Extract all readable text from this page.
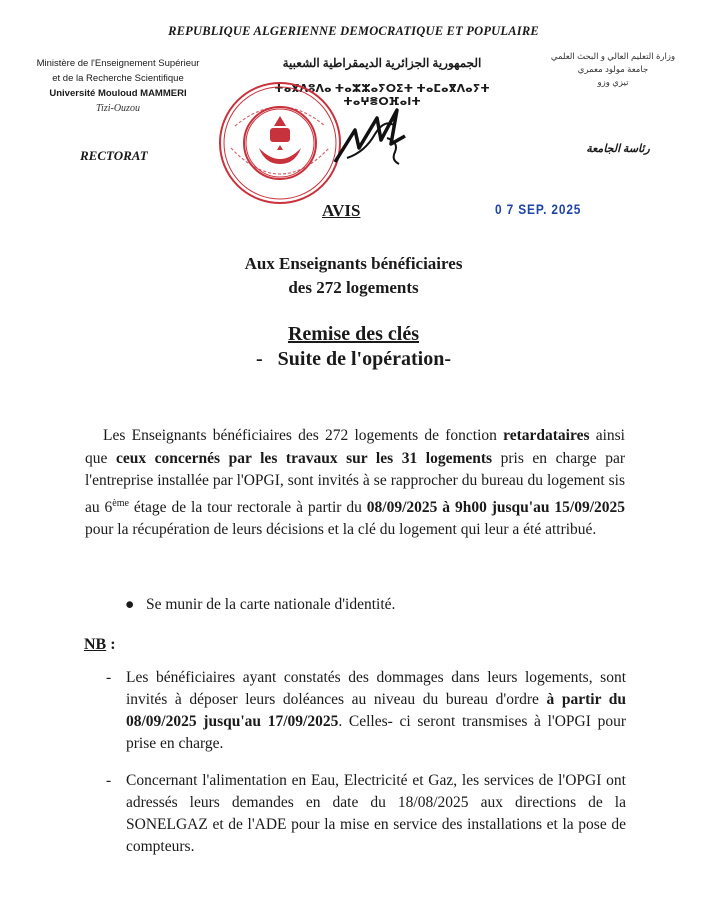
REPUBLIQUE ALGERIENNE DEMOCRATIQUE ET POPULAIRE
Ministère de l'Enseignement Supérieur
et de la Recherche Scientifique
Université Mouloud MAMMERI
Tizi-Ouzou
RECTORAT
الجمهورية الجزائرية الديمقراطية الشعبية
ⵜⴰⴳⴷⵓⴷⴰ ⵜⴰⵣⵣⴰⵢⵔⵉⵜ ⵜⴰⵎⴰⴳⴷⴰⵢⵜ ⵜⴰⵖⴻⵔⴼⴰⵏⵜ
وزارة التعليم العالي و البحث العلمي
جامعة مولود معمري
تيزي وزو
رئاسة الجامعة
AVIS	0 7 SEP. 2025
Aux Enseignants bénéficiaires
des 272 logements
Remise des clés
- Suite de l'opération-
Les Enseignants bénéficiaires des 272 logements de fonction retardataires ainsi que ceux concernés par les travaux sur les 31 logements pris en charge par l'entreprise installée par l'OPGI, sont invités à se rapprocher du bureau du logement sis au 6ème étage de la tour rectorale à partir du 08/09/2025 à 9h00 jusqu'au 15/09/2025 pour la récupération de leurs décisions et la clé du logement qui leur a été attribué.
●   Se munir de la carte nationale d'identité.
NB :
- Les bénéficiaires ayant constatés des dommages dans leurs logements, sont invités à déposer leurs doléances au niveau du bureau d'ordre à partir du 08/09/2025 jusqu'au 17/09/2025. Celles- ci seront transmises à l'OPGI pour prise en charge.
- Concernant l'alimentation en Eau, Electricité et Gaz, les services de l'OPGI ont adressés leurs demandes en date du 18/08/2025 aux directions de la SONELGAZ et de l'ADE pour la mise en service des installations et la pose de compteurs.
